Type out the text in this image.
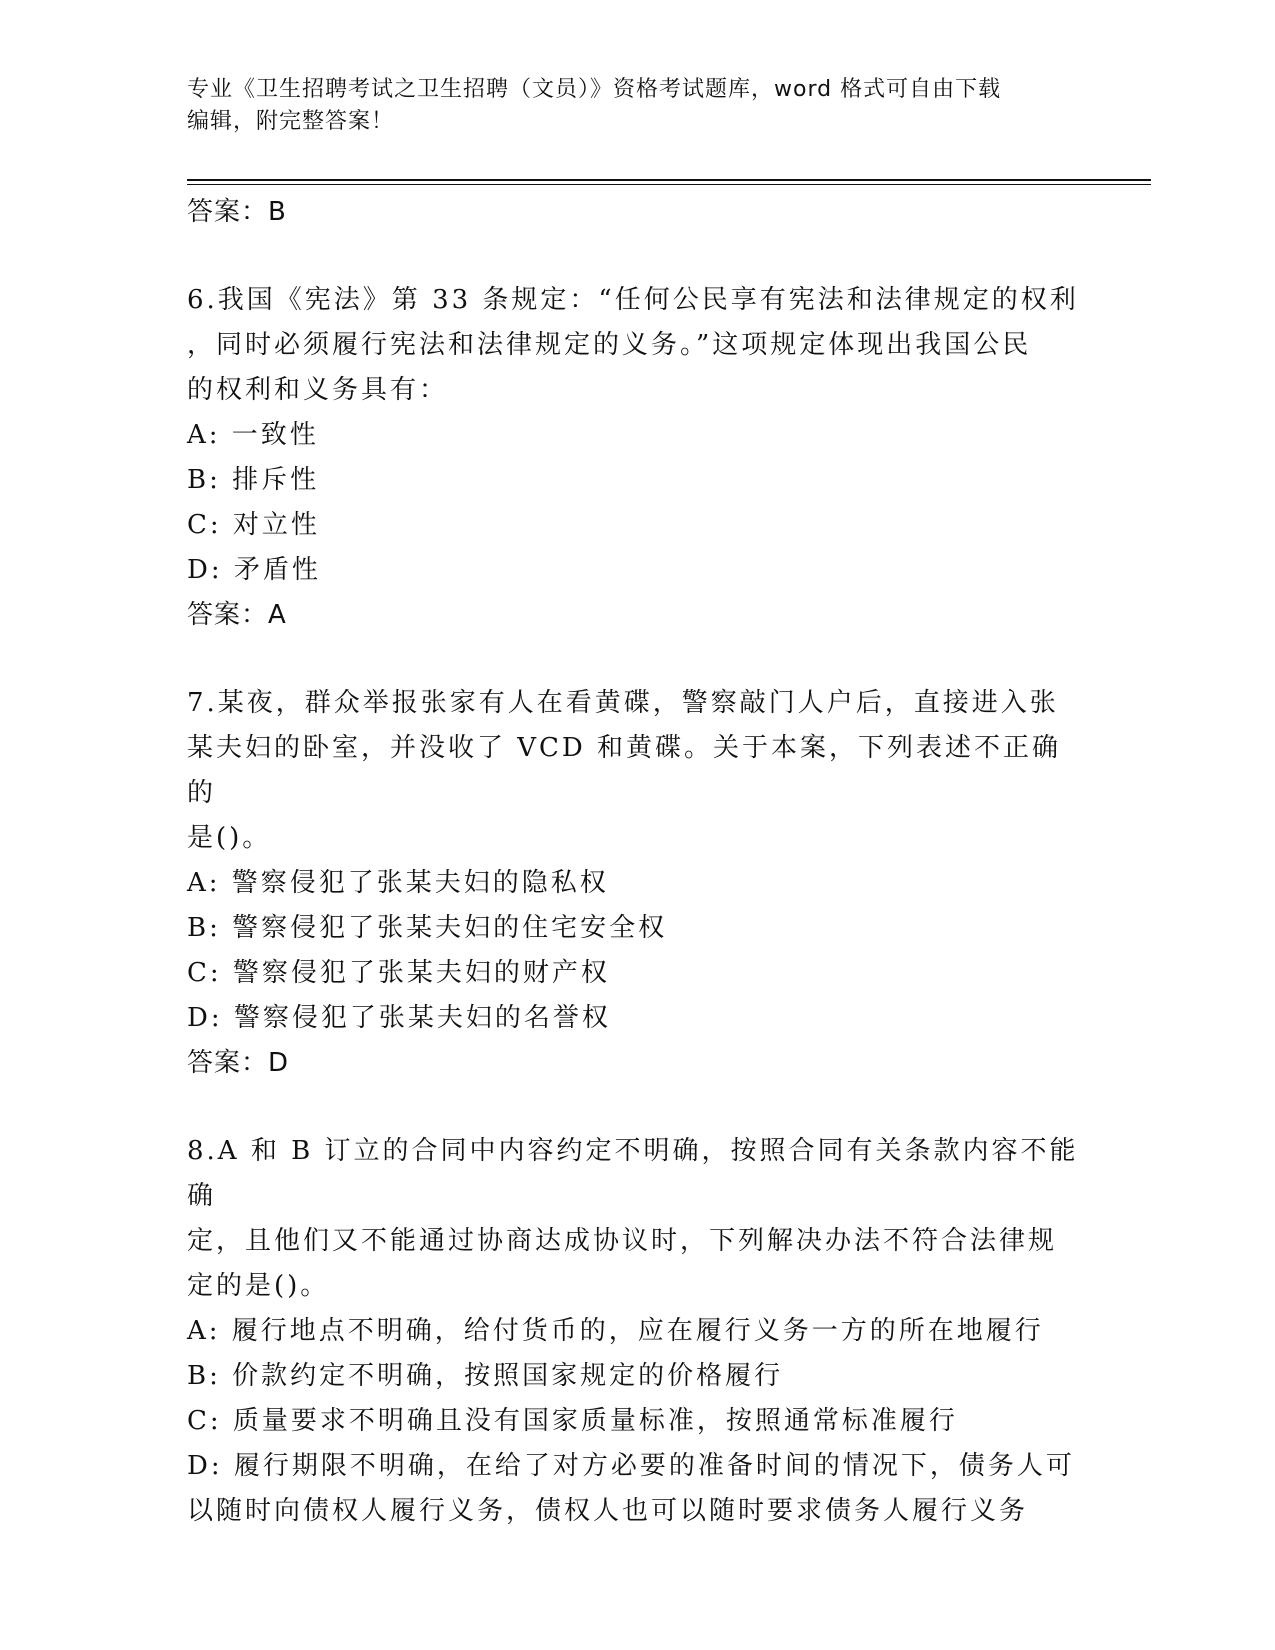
专业《卫生招聘考试之卫生招聘（文员）》资格考试题库，word 格式可自由下载
编辑，附完整答案！
答案：B
6.我国《宪法》第 33 条规定：“任何公民享有宪法和法律规定的权利
，同时必须履行宪法和法律规定的义务。”这项规定体现出我国公民
的权利和义务具有：
A: 一致性
B: 排斥性
C: 对立性
D: 矛盾性
答案：A
7.某夜，群众举报张家有人在看黄碟，警察敲门人户后，直接进入张
某夫妇的卧室，并没收了 VCD 和黄碟。关于本案，下列表述不正确的
是()。
A: 警察侵犯了张某夫妇的隐私权
B: 警察侵犯了张某夫妇的住宅安全权
C: 警察侵犯了张某夫妇的财产权
D: 警察侵犯了张某夫妇的名誉权
答案：D
8.A 和 B 订立的合同中内容约定不明确，按照合同有关条款内容不能确
定，且他们又不能通过协商达成协议时，下列解决办法不符合法律规
定的是()。
A: 履行地点不明确，给付货币的，应在履行义务一方的所在地履行
B: 价款约定不明确，按照国家规定的价格履行
C: 质量要求不明确且没有国家质量标准，按照通常标准履行
D: 履行期限不明确，在给了对方必要的准备时间的情况下，债务人可
以随时向债权人履行义务，债权人也可以随时要求债务人履行义务
